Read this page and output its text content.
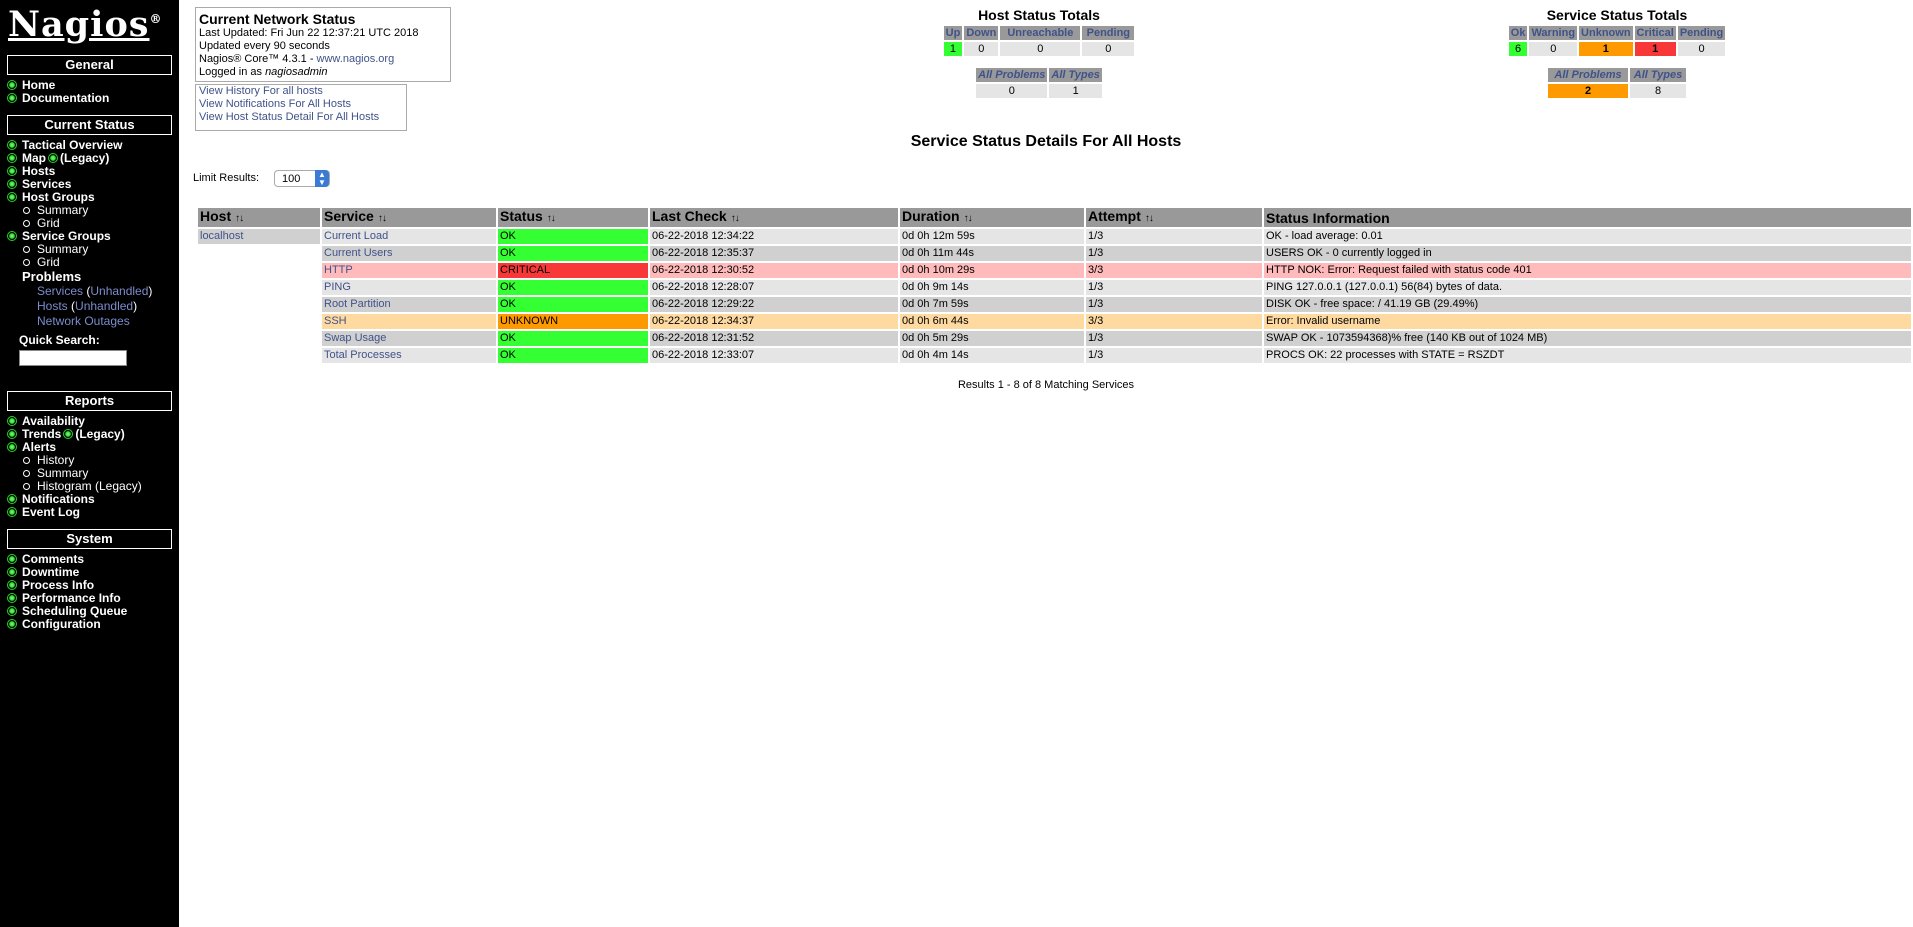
Nagios®
General
Home
Documentation
Current Status
Tactical Overview
Map (Legacy)
Hosts
Services
Host Groups
Summary
Grid
Service Groups
Summary
Grid
Problems
Services (Unhandled)
Hosts (Unhandled)
Network Outages
Quick Search:
Reports
Availability
Trends (Legacy)
Alerts
History
Summary
Histogram (Legacy)
Notifications
Event Log
System
Comments
Downtime
Process Info
Performance Info
Scheduling Queue
Configuration
Current Network Status
Last Updated: Fri Jun 22 12:37:21 UTC 2018
Updated every 90 seconds
Nagios® Core™ 4.3.1 - www.nagios.org
Logged in as nagiosadmin
View History For all hosts
View Notifications For All Hosts
View Host Status Detail For All Hosts
Host Status Totals
Up	Down	Unreachable	Pending
1	0	0	0
All Problems	All Types
0	1
Service Status Totals
Ok	Warning	Unknown	Critical	Pending
6	0	1	1	0
All Problems	All Types
2	8
Service Status Details For All Hosts
Limit Results:	100	▲
▼
Host ↑↓	Service ↑↓	Status ↑↓	Last Check ↑↓	Duration ↑↓	Attempt ↑↓	Status Information
localhost	Current Load	OK	06-22-2018 12:34:22	0d 0h 12m 59s	1/3	OK - load average: 0.01
	Current Users	OK	06-22-2018 12:35:37	0d 0h 11m 44s	1/3	USERS OK - 0 currently logged in
	HTTP	CRITICAL	06-22-2018 12:30:52	0d 0h 10m 29s	3/3	HTTP NOK: Error: Request failed with status code 401
	PING	OK	06-22-2018 12:28:07	0d 0h 9m 14s	1/3	PING 127.0.0.1 (127.0.0.1) 56(84) bytes of data.
	Root Partition	OK	06-22-2018 12:29:22	0d 0h 7m 59s	1/3	DISK OK - free space: / 41.19 GB (29.49%)
	SSH	UNKNOWN	06-22-2018 12:34:37	0d 0h 6m 44s	3/3	Error: Invalid username
	Swap Usage	OK	06-22-2018 12:31:52	0d 0h 5m 29s	1/3	SWAP OK - 1073594368)% free (140 KB out of 1024 MB)
	Total Processes	OK	06-22-2018 12:33:07	0d 0h 4m 14s	1/3	PROCS OK: 22 processes with STATE = RSZDT
Results 1 - 8 of 8 Matching Services
